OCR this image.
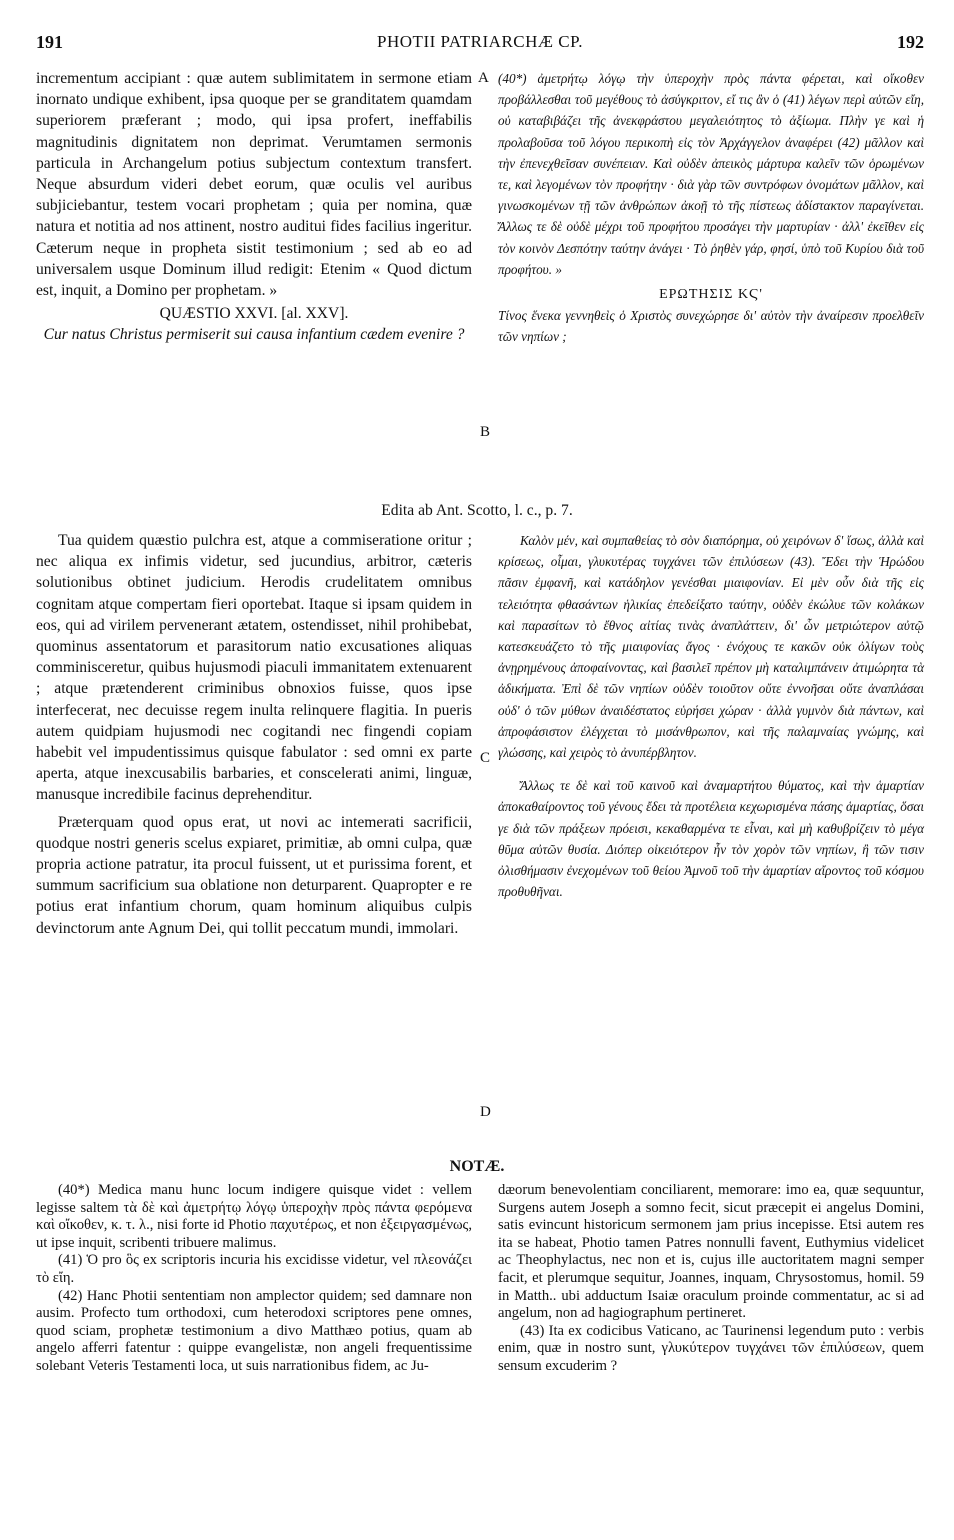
191	PHOTII PATRIARCHÆ CP.	192

incrementum accipiant : quæ autem sublimitatem in sermone etiam inornato undique exhibent, ipsa quoque per se granditatem quamdam superiorem præferant ; modo, qui ipsa profert, ineffabilis magnitudinis dignitatem non deprimat. Verumtamen sermonis particula in Archangelum potius subjectum contextum transfert. Neque absurdum videri debet eorum, quæ oculis vel auribus subjiciebantur, testem vocari prophetam ; quia per nomina, quæ natura et notitia ad nos attinent, nostro auditui fides facilius ingeritur. Cæterum neque in propheta sistit testimonium ; sed ab eo ad universalem usque Dominum illud redigit: Etenim « Quod dictum est, inquit, a Domino per prophetam. »

QUÆSTIO XXVI. [al. XXV].

Cur natus Christus permiserit sui causa infantium cædem evenire ?

(40*) ἀμετρήτῳ λόγῳ τὴν ὑπεροχὴν πρὸς πάντα φέρεται, καὶ οἴκοθεν προβάλλεσθαι τοῦ μεγέθους τὸ ἀσύγκριτον, εἴ τις ἂν ὁ (41) λέγων περὶ αὐτῶν εἴη, οὐ καταβιβάζει τῆς ἀνεκφράστου μεγαλειότητος τὸ ἀξίωμα. Πλὴν γε καὶ ἡ προλαβοῦσα τοῦ λόγου περικοπὴ εἰς τὸν Ἀρχάγγελον ἀναφέρει (42) μᾶλλον καὶ τὴν ἐπενεχθεῖσαν συνέπειαν. Καὶ οὐδὲν ἀπεικὸς μάρτυρα καλεῖν τῶν ὁρωμένων τε, καὶ λεγομένων τὸν προφήτην · διὰ γὰρ τῶν συντρόφων ὀνομάτων μᾶλλον, καὶ γινωσκομένων τῇ τῶν ἀνθρώπων ἀκοῇ τὸ τῆς πίστεως ἀδίστακτον παραγίνεται. Ἄλλως τε δὲ οὐδὲ μέχρι τοῦ προφήτου προσάγει τὴν μαρτυρίαν · ἀλλ' ἐκεῖθεν εἰς τὸν κοινὸν Δεσπότην ταύτην ἀνάγει · Τὸ ῥηθὲν γάρ, φησί, ὑπὸ τοῦ Κυρίου διὰ τοῦ προφήτου. »

ΕΡΩΤΗΣΙΣ ΚϚ'

Τίνος ἕνεκα γεννηθεὶς ὁ Χριστὸς συνεχώρησε δι' αὐτὸν τὴν ἀναίρεσιν προελθεῖν τῶν νηπίων ;

A
B
C
D
Edita ab Ant. Scotto, l. c., p. 7.

Tua quidem quæstio pulchra est, atque a commiseratione oritur ; nec aliqua ex infimis videtur, sed jucundius, arbitror, cæteris solutionibus obtinet judicium. Herodis crudelitatem omnibus cognitam atque compertam fieri oportebat. Itaque si ipsam quidem in eos, qui ad virilem pervenerant ætatem, ostendisset, nihil prohibebat, quominus assentatorum et parasitorum natio excusationes aliquas comminisceretur, quibus hujusmodi piaculi immanitatem extenuarent ; atque prætenderent criminibus obnoxios fuisse, quos ipse interfecerat, nec decuisse regem inulta relinquere flagitia. In pueris autem quidpiam hujusmodi nec cogitandi nec fingendi copiam habebit vel impudentissimus quisque fabulator : sed omni ex parte aperta, atque inexcusabilis barbaries, et conscelerati animi, linguæ, manusque incredibile facinus deprehenditur.

Præterquam quod opus erat, ut novi ac intemerati sacrificii, quodque nostri generis scelus expiaret, primitiæ, ab omni culpa, quæ propria actione patratur, ita procul fuissent, ut et purissima forent, et summum sacrificium sua oblatione non deturparent. Quapropter e re potius erat infantium chorum, quam hominum aliquibus culpis devinctorum ante Agnum Dei, qui tollit peccatum mundi, immolari.

Καλὸν μέν, καὶ συμπαθείας τὸ σὸν διαπόρημα, οὐ χειρόνων δ' ἴσως, ἀλλὰ καὶ κρίσεως, οἶμαι, γλυκυτέρας τυγχάνει τῶν ἐπιλύσεων (43). Ἔδει τὴν Ἡρώδου πᾶσιν ἐμφανῆ, καὶ κατάδηλον γενέσθαι μιαιφονίαν. Εἰ μὲν οὖν διὰ τῆς εἰς τελειότητα φθασάντων ἡλικίας ἐπεδείξατο ταύτην, οὐδὲν ἐκώλυε τῶν κολάκων καὶ παρασίτων τὸ ἔθνος αἰτίας τινὰς ἀναπλάττειν, δι' ὧν μετριώτερον αὐτῷ κατεσκευάζετο τὸ τῆς μιαιφονίας ἄγος · ἐνόχους τε κακῶν οὐκ ὀλίγων τοὺς ἀνῃρημένους ἀποφαίνοντας, καὶ βασιλεῖ πρέπον μὴ καταλιμπάνειν ἀτιμώρητα τὰ ἀδικήματα. Ἐπὶ δὲ τῶν νηπίων οὐδὲν τοιοῦτον οὔτε ἐννοῆσαι οὔτε ἀναπλάσαι οὐδ' ὁ τῶν μύθων ἀναιδέστατος εὑρήσει χώραν · ἀλλὰ γυμνὸν διὰ πάντων, καὶ ἀπροφάσιστον ἐλέγχεται τὸ μισάνθρωπον, καὶ τῆς παλαμναίας γνώμης, καὶ γλώσσης, καὶ χειρὸς τὸ ἀνυπέρβλητον.

Ἄλλως τε δὲ καὶ τοῦ καινοῦ καὶ ἀναμαρτήτου θύματος, καὶ τὴν ἁμαρτίαν ἀποκαθαίροντος τοῦ γένους ἔδει τὰ προτέλεια κεχωρισμένα πάσης ἁμαρτίας, ὅσαι γε διὰ τῶν πράξεων πρόεισι, κεκαθαρμένα τε εἶναι, καὶ μὴ καθυβρίζειν τὸ μέγα θῦμα αὐτῶν θυσία. Διόπερ οἰκειότερον ἦν τὸν χορὸν τῶν νηπίων, ἢ τῶν τισιν ὀλισθήμασιν ἐνεχομένων τοῦ θείου Ἀμνοῦ τοῦ τὴν ἁμαρτίαν αἴροντος τοῦ κόσμου προθυθῆναι.

NOTÆ.

(40*) Medica manu hunc locum indigere quisque videt : vellem legisse saltem τὰ δὲ καὶ ἀμετρήτῳ λόγῳ ὑπεροχὴν πρὸς πάντα φερόμενα καὶ οἴκοθεν, κ. τ. λ., nisi forte id Photio παχυτέρως, et non ἐξειργασμένως, ut ipse inquit, scribenti tribuere malimus.

(41) Ὁ pro ὃς ex scriptoris incuria his excidisse videtur, vel πλεονάζει τὸ εἴη.

(42) Hanc Photii sententiam non amplector quidem; sed damnare non ausim. Profecto tum orthodoxi, cum heterodoxi scriptores pene omnes, quod sciam, prophetæ testimonium a divo Matthæo potius, quam ab angelo afferri fatentur : quippe evangelistæ, non angeli frequentissime solebant Veteris Testamenti loca, ut suis narrationibus fidem, ac Ju-

dæorum benevolentiam conciliarent, memorare: imo ea, quæ sequuntur, Surgens autem Joseph a somno fecit, sicut præcepit ei angelus Domini, satis evincunt historicum sermonem jam prius incepisse. Etsi autem res ita se habeat, Photio tamen Patres nonnulli favent, Euthymius videlicet ac Theophylactus, nec non et is, cujus ille auctoritatem magni semper facit, et plerumque sequitur, Joannes, inquam, Chrysostomus, homil. 59 in Matth.. ubi adductum Isaiæ oraculum proinde commentatur, ac si ad angelum, non ad hagiographum pertineret.

(43) Ita ex codicibus Vaticano, ac Taurinensi legendum puto : verbis enim, quæ in nostro sunt, γλυκύτερον τυγχάνει τῶν ἐπιλύσεων, quem sensum excuderim ?
